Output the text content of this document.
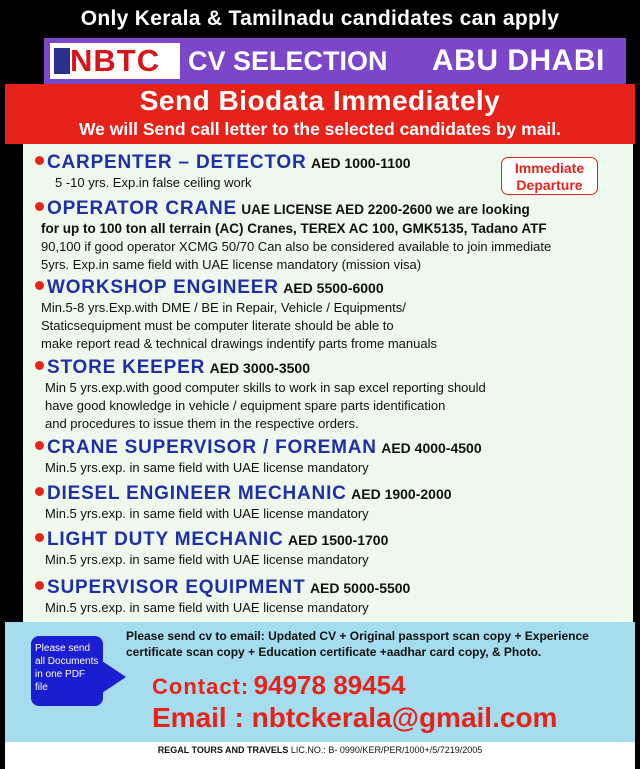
Only Kerala & Tamilnadu candidates can apply
NBTC CV SELECTION ABU DHABI
Send Biodata Immediately
We will Send call letter to the selected candidates by mail.
Immediate
Departure
CARPENTER – DETECTOR AED 1000-1100
5 -10 yrs. Exp.in false ceiling work
OPERATOR CRANE UAE LICENSE AED 2200-2600 we are looking
for up to 100 ton all terrain (AC) Cranes, TEREX AC 100, GMK5135, Tadano ATF
90,100 if good operator XCMG 50/70 Can also be considered available to join immediate
5yrs. Exp.in same field with UAE license mandatory (mission visa)
WORKSHOP ENGINEER AED 5500-6000
Min.5-8 yrs.Exp.with DME / BE in Repair, Vehicle / Equipments/
Staticsequipment must be computer literate should be able to
make report read & technical drawings indentify parts frome manuals
STORE KEEPER AED 3000-3500
Min 5 yrs.exp.with good computer skills to work in sap excel reporting should
have good knowledge in vehicle / equipment spare parts identification
and procedures to issue them in the respective orders.
CRANE SUPERVISOR / FOREMAN AED 4000-4500
Min.5 yrs.exp. in same field with UAE license mandatory
DIESEL ENGINEER MECHANIC AED 1900-2000
Min.5 yrs.exp. in same field with UAE license mandatory
LIGHT DUTY MECHANIC AED 1500-1700
Min.5 yrs.exp. in same field with UAE license mandatory
SUPERVISOR EQUIPMENT AED 5000-5500
Min.5 yrs.exp. in same field with UAE license mandatory
Please send all Documents in one PDF file
Please send cv to email: Updated CV + Original passport scan copy + Experience certificate scan copy + Education certificate +aadhar card copy, & Photo.
Contact: 94978 89454
Email : nbtckerala@gmail.com
REGAL TOURS AND TRAVELS LIC.NO.: B- 0990/KER/PER/1000+/5/7219/2005
